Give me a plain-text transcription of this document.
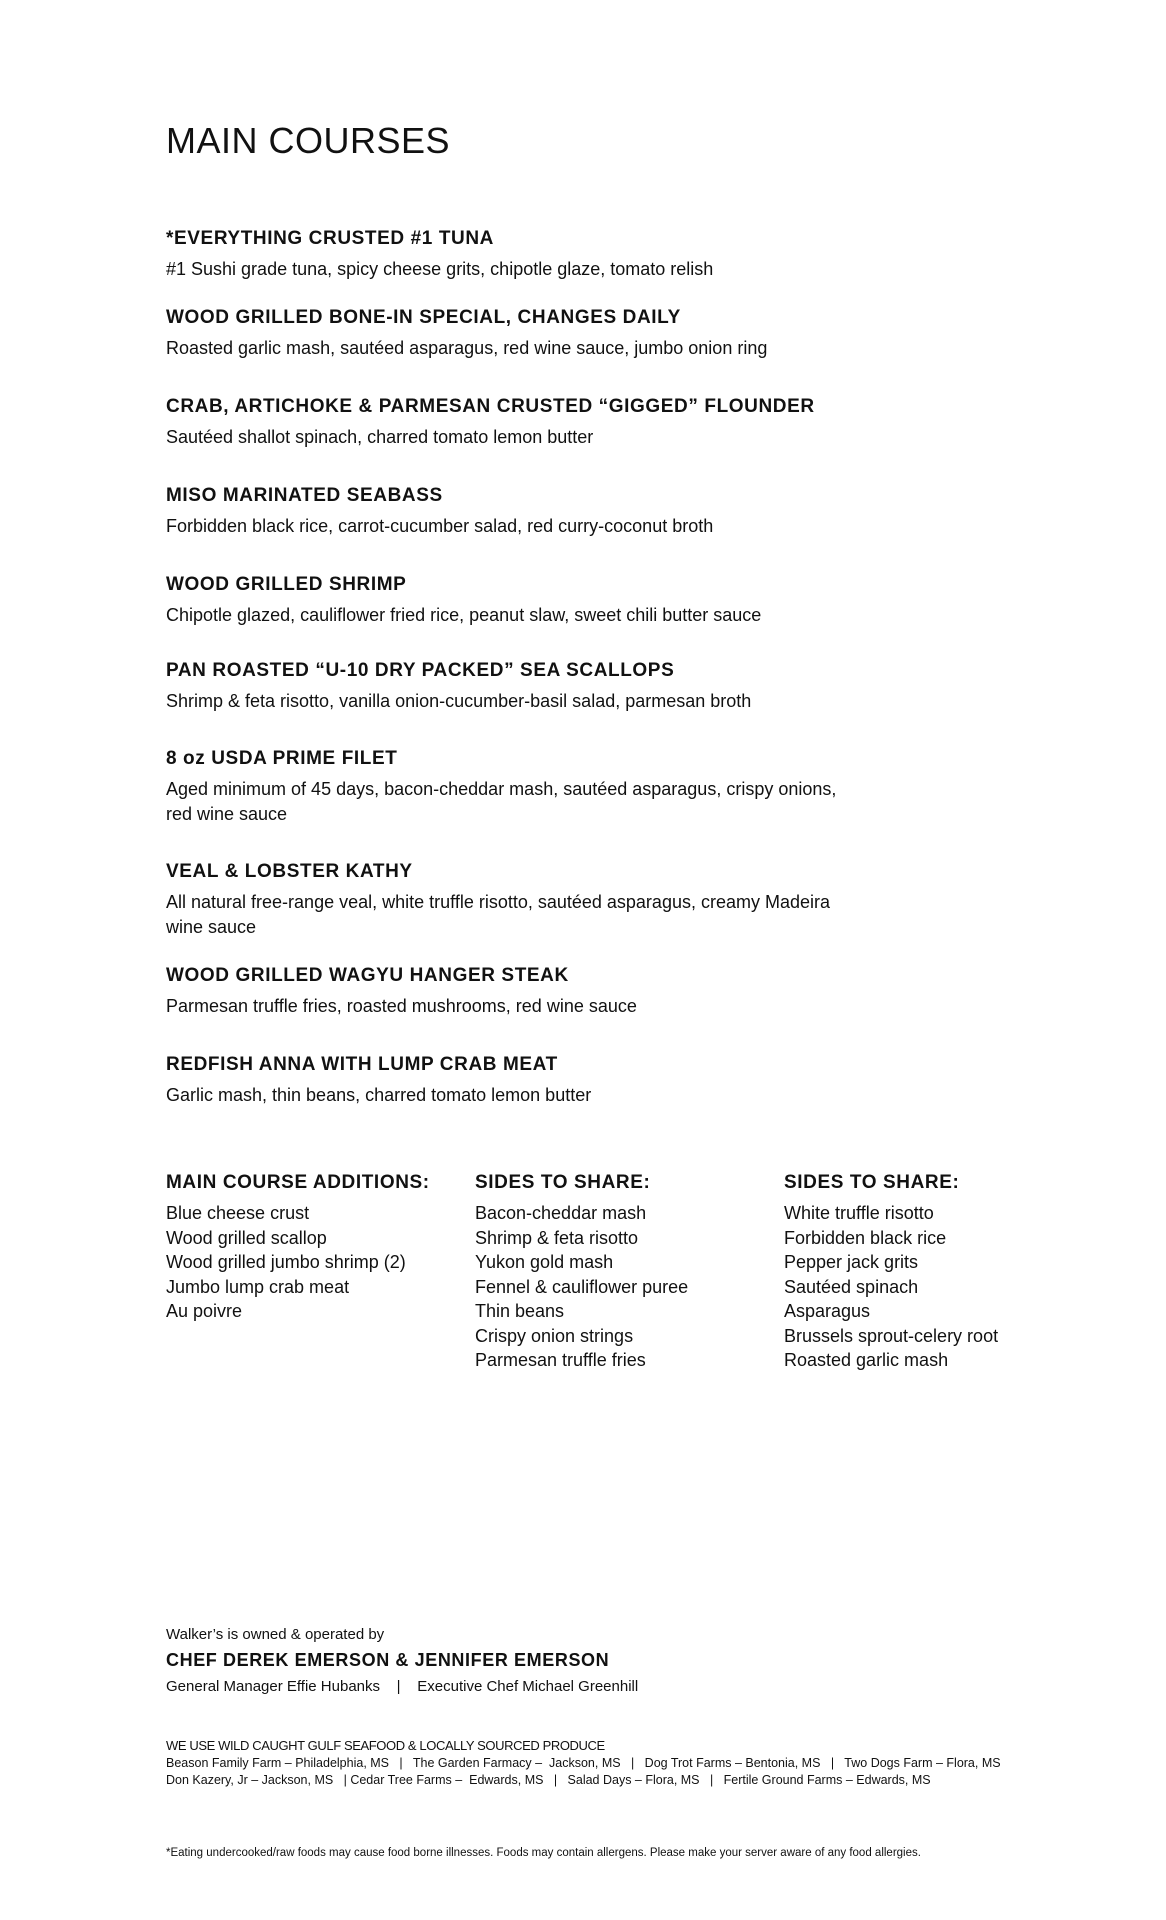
MAIN COURSES
*EVERYTHING CRUSTED #1 TUNA
#1 Sushi grade tuna, spicy cheese grits, chipotle glaze, tomato relish
WOOD GRILLED BONE-IN SPECIAL, CHANGES DAILY
Roasted garlic mash, sautéed asparagus, red wine sauce, jumbo onion ring
CRAB, ARTICHOKE & PARMESAN CRUSTED “GIGGED” FLOUNDER
Sautéed shallot spinach, charred tomato lemon butter
MISO MARINATED SEABASS
Forbidden black rice, carrot-cucumber salad, red curry-coconut broth
WOOD GRILLED SHRIMP
Chipotle glazed, cauliflower fried rice, peanut slaw, sweet chili butter sauce
PAN ROASTED “U-10 DRY PACKED” SEA SCALLOPS
Shrimp & feta risotto, vanilla onion-cucumber-basil salad, parmesan broth
8 oz USDA PRIME FILET
Aged minimum of 45 days, bacon-cheddar mash, sautéed asparagus, crispy onions, red wine sauce
VEAL & LOBSTER KATHY
All natural free-range veal, white truffle risotto, sautéed asparagus, creamy Madeira wine sauce
WOOD GRILLED WAGYU HANGER STEAK
Parmesan truffle fries, roasted mushrooms, red wine sauce
REDFISH ANNA WITH LUMP CRAB MEAT
Garlic mash, thin beans, charred tomato lemon butter
MAIN COURSE ADDITIONS:
Blue cheese crust
Wood grilled scallop
Wood grilled jumbo shrimp (2)
Jumbo lump crab meat
Au poivre
SIDES TO SHARE:
Bacon-cheddar mash
Shrimp & feta risotto
Yukon gold mash
Fennel & cauliflower puree
Thin beans
Crispy onion strings
Parmesan truffle fries
SIDES TO SHARE:
White truffle risotto
Forbidden black rice
Pepper jack grits
Sautéed spinach
Asparagus
Brussels sprout-celery root
Roasted garlic mash
Walker’s is owned & operated by
CHEF DEREK EMERSON & JENNIFER EMERSON
General Manager Effie Hubanks    |    Executive Chef Michael Greenhill
WE USE WILD CAUGHT GULF SEAFOOD & LOCALLY SOURCED PRODUCE
Beason Family Farm – Philadelphia, MS   |   The Garden Farmacy –  Jackson, MS   |   Dog Trot Farms – Bentonia, MS   |   Two Dogs Farm – Flora, MS
Don Kazery, Jr – Jackson, MS   | Cedar Tree Farms –  Edwards, MS   |   Salad Days – Flora, MS   |   Fertile Ground Farms – Edwards, MS
*Eating undercooked/raw foods may cause food borne illnesses. Foods may contain allergens. Please make your server aware of any food allergies.
